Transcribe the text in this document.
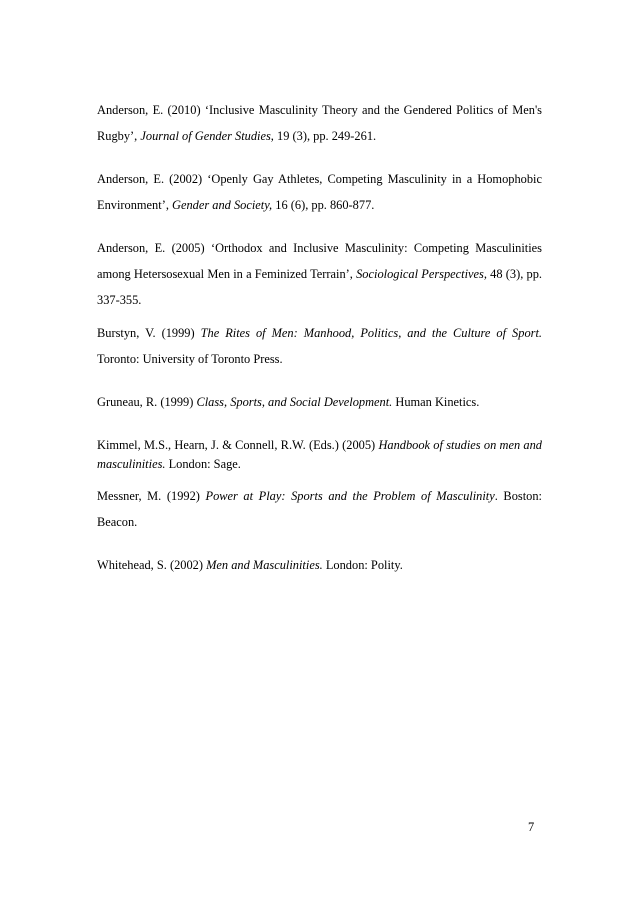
Anderson, E. (2010) ‘Inclusive Masculinity Theory and the Gendered Politics of Men's Rugby’, Journal of Gender Studies, 19 (3), pp. 249-261.

Anderson, E. (2002) ‘Openly Gay Athletes, Competing Masculinity in a Homophobic Environment’, Gender and Society, 16 (6), pp. 860-877.

Anderson, E. (2005) ‘Orthodox and Inclusive Masculinity: Competing Masculinities among Hetersosexual Men in a Feminized Terrain’, Sociological Perspectives, 48 (3), pp. 337-355.

Burstyn, V. (1999) The Rites of Men: Manhood, Politics, and the Culture of Sport. Toronto: University of Toronto Press.

Gruneau, R. (1999) Class, Sports, and Social Development. Human Kinetics.

Kimmel, M.S., Hearn, J. & Connell, R.W. (Eds.) (2005) Handbook of studies on men and masculinities. London: Sage.

Messner, M. (1992) Power at Play: Sports and the Problem of Masculinity. Boston: Beacon.

Whitehead, S. (2002) Men and Masculinities. London: Polity.

7
